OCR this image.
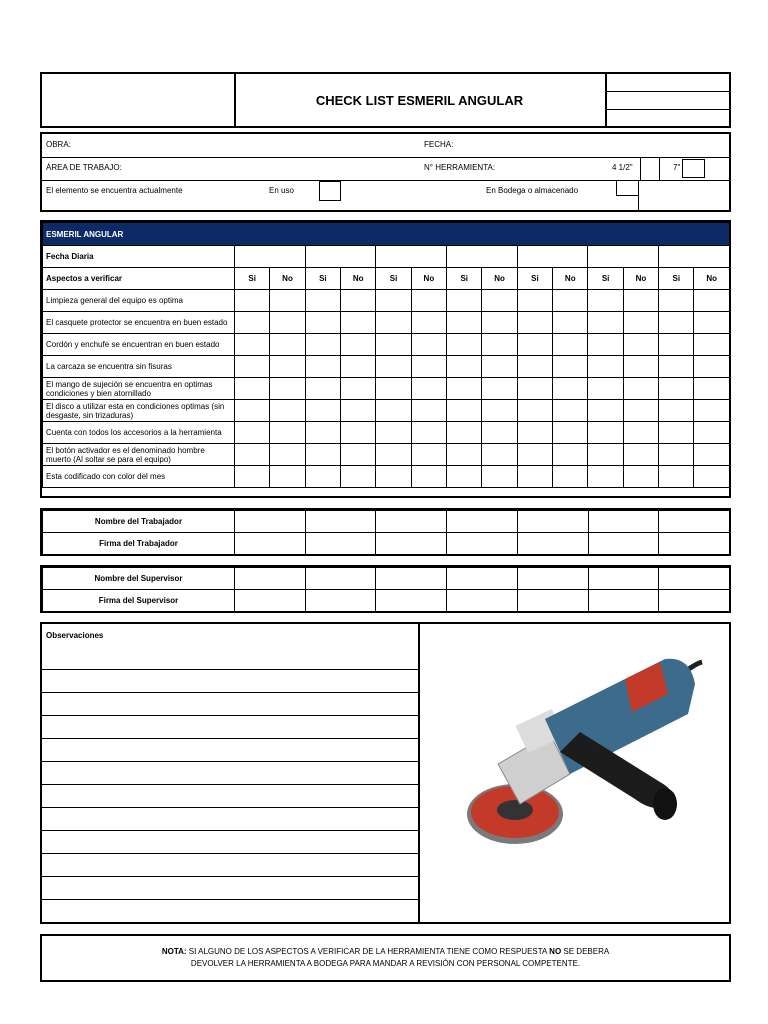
CHECK LIST ESMERIL ANGULAR
OBRA:	FECHA:
ÁREA DE TRABAJO:	N° HERRAMIENTA:	4 1/2"	7"
El elemento se encuentra actualmente	En uso	En Bodega o almacenado
ESMERIL ANGULAR														
Fecha Diaria														
Aspectos a verificar	Si	No	Si	No	Si	No	Si	No	Si	No	Si	No	Si	No
Limpieza general del equipo es optima														
El casquete protector se encuentra en buen estado														
Cordón y enchufe se encuentran en buen estado														
La carcaza se encuentra sin fisuras														
El mango de sujeción se encuentra en optimas condiciones y bien atornillado														
El disco a utilizar esta en condiciones optimas (sin desgaste, sin trizaduras)														
Cuenta con todos los accesorios a la herramienta														
El botón activador es el denominado hombre muerto (Al soltar se para el equipo)														
Esta codificado con color del mes														
Nombre del Trabajador							
Firma del Trabajador							
Nombre del Supervisor							
Firma del Supervisor							
Observaciones
NOTA: SI ALGUNO DE LOS ASPECTOS A VERIFICAR DE LA HERRAMIENTA TIENE COMO RESPUESTA NO SE DEBERA
DEVOLVER LA HERRAMIENTA A BODEGA PARA MANDAR A REVISIÓN CON PERSONAL COMPETENTE.
